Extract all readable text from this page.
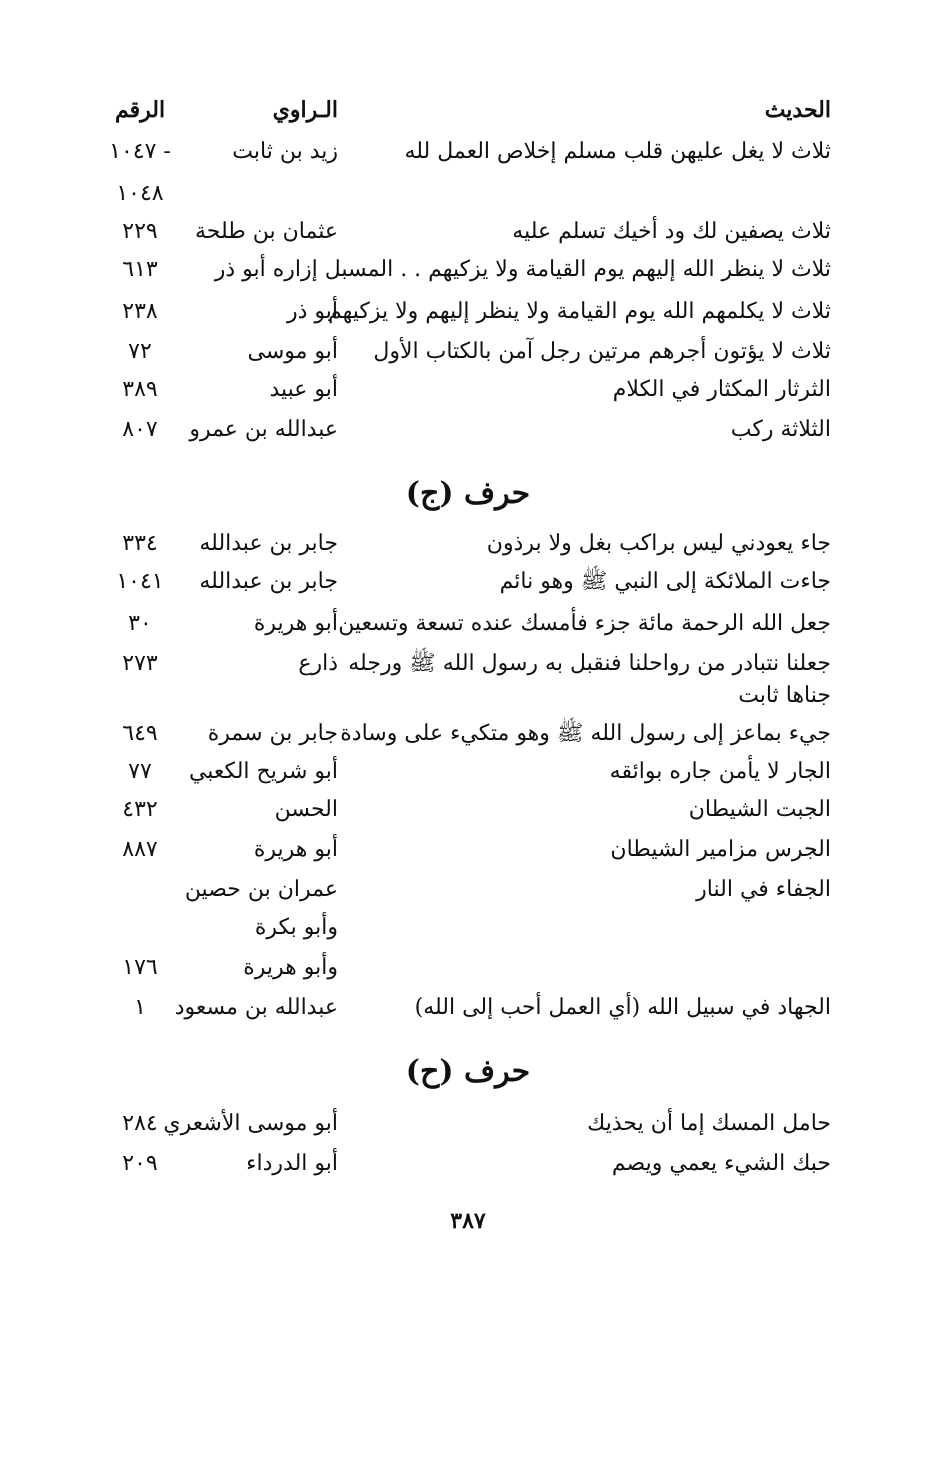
الحديث
الـراوي
الرقم
ثلاث لا يغل عليهن قلب مسلم إخلاص العمل لله
زيد بن ثابت
١٠٤٧ -
١٠٤٨
ثلاث يصفين لك ود أخيك تسلم عليه
عثمان بن طلحة
٢٢٩
ثلاث لا ينظر الله إليهم يوم القيامة ولا يزكيهم . . المسبل إزاره أبو ذر
٦١٣
ثلاث لا يكلمهم الله يوم القيامة ولا ينظر إليهم ولا يزكيهم
أبو ذر
٢٣٨
ثلاث لا يؤتون أجرهم مرتين رجل آمن بالكتاب الأول
أبو موسى
٧٢
الثرثار المكثار في الكلام
أبو عبيد
٣٨٩
الثلاثة ركب
عبدالله بن عمرو
٨٠٧
حرف (ج)
جاء يعودني ليس براكب بغل ولا برذون
جابر بن عبدالله
٣٣٤
جاءت الملائكة إلى النبي ﷺ وهو نائم
جابر بن عبدالله
١٠٤١
جعل الله الرحمة مائة جزء فأمسك عنده تسعة وتسعين
أبو هريرة
٣٠
جعلنا نتبادر من رواحلنا فنقبل به رسول الله ﷺ ورجله
ذارع
٢٧٣
جناها ثابت
جيء بماعز إلى رسول الله ﷺ وهو متكيء على وسادة
جابر بن سمرة
٦٤٩
الجار لا يأمن جاره بوائقه
أبو شريح الكعبي
٧٧
الجبت الشيطان
الحسن
٤٣٢
الجرس مزامير الشيطان
أبو هريرة
٨٨٧
الجفاء في النار
عمران بن حصين
وأبو بكرة
وأبو هريرة
١٧٦
الجهاد في سبيل الله (أي العمل أحب إلى الله)
عبدالله بن مسعود
١
حرف (ح)
حامل المسك إما أن يحذيك
أبو موسى الأشعري
٢٨٤
حبك الشيء يعمي ويصم
أبو الدرداء
٢٠٩
٣٨٧
